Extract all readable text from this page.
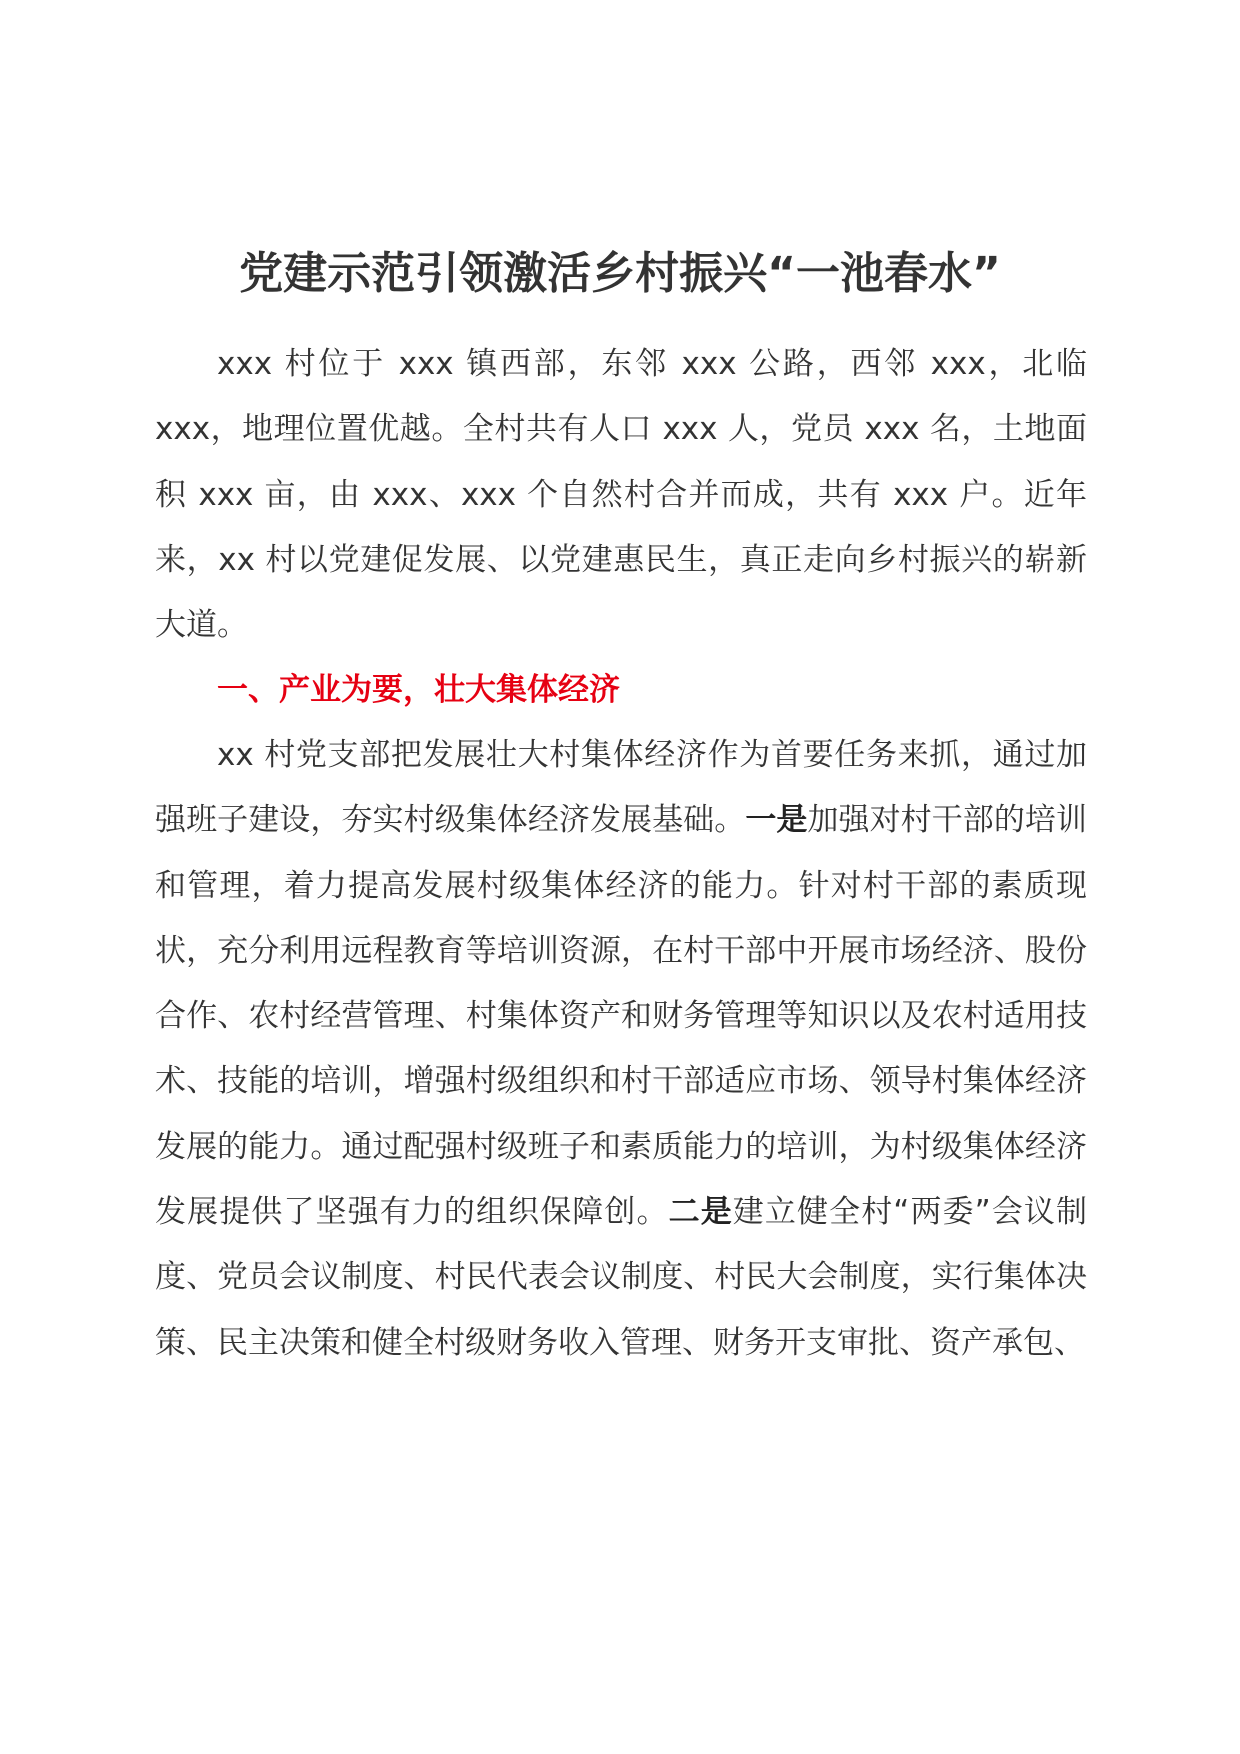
党建示范引领激活乡村振兴“一池春水”

xxx 村位于 xxx 镇西部，东邻 xxx 公路，西邻 xxx，北临 xxx，地理位置优越。全村共有人口 xxx 人，党员 xxx 名，土地面积 xxx 亩，由 xxx、xxx 个自然村合并而成，共有 xxx 户。近年来，xx 村以党建促发展、以党建惠民生，真正走向乡村振兴的崭新大道。

一、产业为要，壮大集体经济

xx 村党支部把发展壮大村集体经济作为首要任务来抓，通过加强班子建设，夯实村级集体经济发展基础。一是加强对村干部的培训和管理，着力提高发展村级集体经济的能力。针对村干部的素质现状，充分利用远程教育等培训资源，在村干部中开展市场经济、股份合作、农村经营管理、村集体资产和财务管理等知识以及农村适用技术、技能的培训，增强村级组织和村干部适应市场、领导村集体经济发展的能力。通过配强村级班子和素质能力的培训，为村级集体经济发展提供了坚强有力的组织保障创。二是建立健全村“两委”会议制度、党员会议制度、村民代表会议制度、村民大会制度，实行集体决策、民主决策和健全村级财务收入管理、财务开支审批、资产承包、
